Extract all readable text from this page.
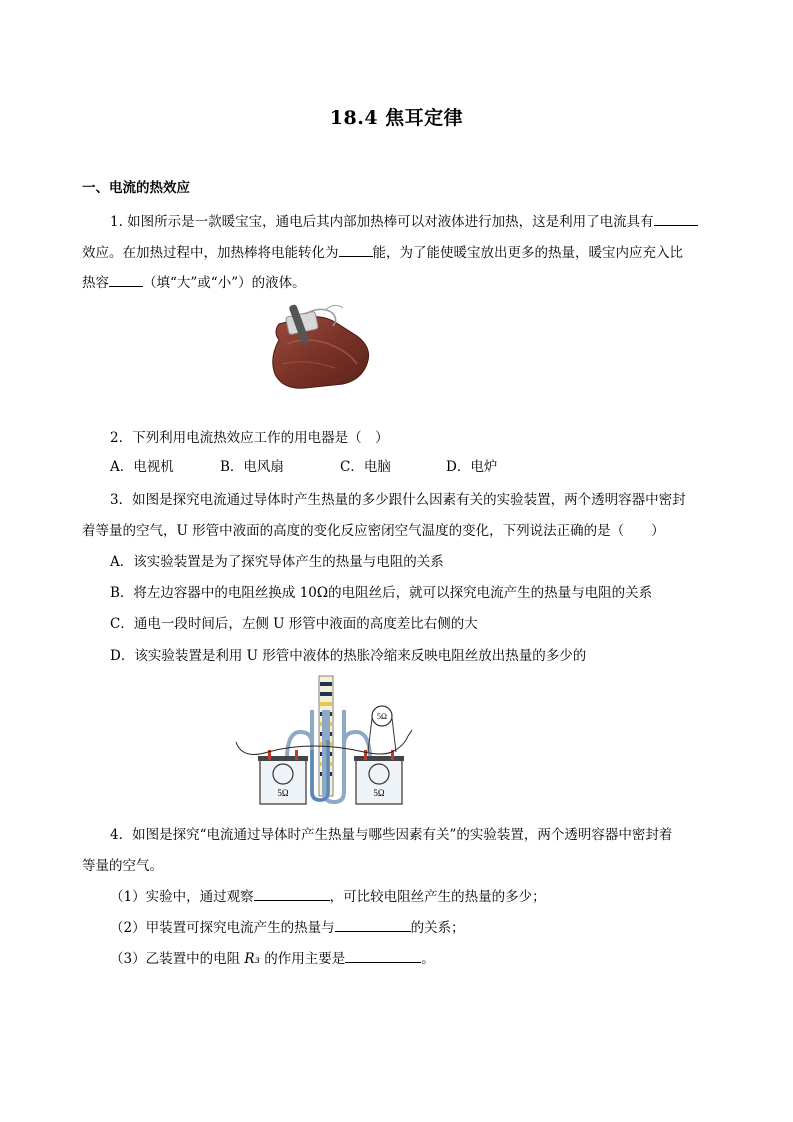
18.4 焦耳定律
一、电流的热效应
1. 如图所示是一款暖宝宝，通电后其内部加热棒可以对液体进行加热，这是利用了电流具有
效应。在加热过程中，加热棒将电能转化为	能，为了能使暖宝放出更多的热量，暖宝内应充入比
热容	（填“大”或“小”）的液体。
2．下列利用电流热效应工作的用电器是（　）
A．电视机	B．电风扇	C．电脑	D．电炉
3．如图是探究电流通过导体时产生热量的多少跟什么因素有关的实验装置，两个透明容器中密封
着等量的空气，U 形管中液面的高度的变化反应密闭空气温度的变化，下列说法正确的是（　　）
A．该实验装置是为了探究导体产生的热量与电阻的关系
B．将左边容器中的电阻丝换成 10Ω的电阻丝后，就可以探究电流产生的热量与电阻的关系
C．通电一段时间后，左侧 U 形管中液面的高度差比右侧的大
D．该实验装置是利用 U 形管中液体的热胀冷缩来反映电阻丝放出热量的多少的
5Ω	5Ω
5Ω
4．如图是探究“电流通过导体时产生热量与哪些因素有关”的实验装置，两个透明容器中密封着
等量的空气。
（1）实验中，通过观察	，可比较电阻丝产生的热量的多少；
（2）甲装置可探究电流产生的热量与	的关系；
（3）乙装置中的电阻 R₃ 的作用主要是	。
